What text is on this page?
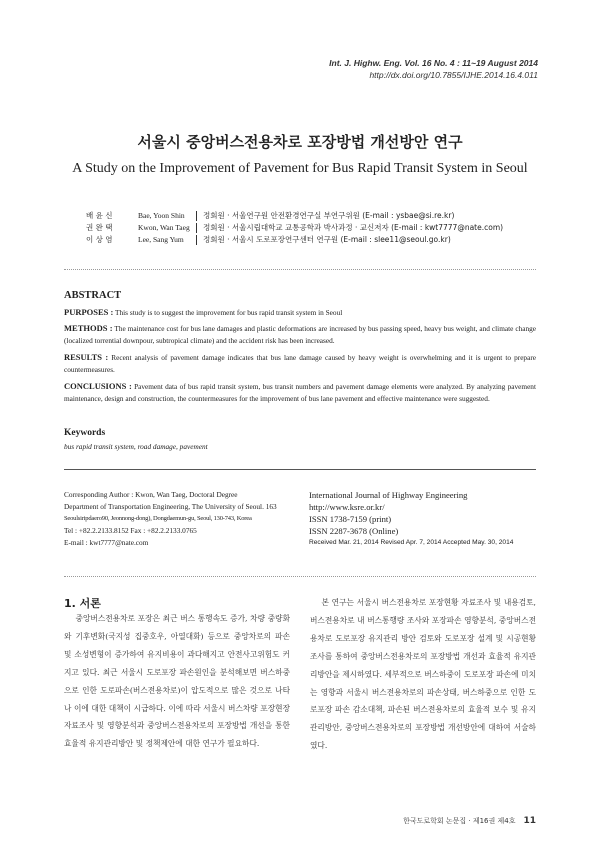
Int. J. Highw. Eng. Vol. 16 No. 4 : 11~19 August 2014
http://dx.doi.org/10.7855/IJHE.2014.16.4.011
서울시 중앙버스전용차로 포장방법 개선방안 연구
A Study on the Improvement of Pavement for Bus Rapid Transit System in Seoul
배 윤 신	Bae, Yoon Shin	정회원 · 서울연구원 안전환경연구실 부연구위원 (E-mail : ysbae@si.re.kr)
권 완 택	Kwon, Wan Taeg	정회원 · 서울시립대학교 교통공학과 박사과정 · 교신저자 (E-mail : kwt7777@nate.com)
이 상 염	Lee, Sang Yum	정회원 · 서울시 도로포장연구센터 연구원 (E-mail : slee11@seoul.go.kr)
ABSTRACT
PURPOSES : This study is to suggest the improvement for bus rapid transit system in Seoul
METHODS : The maintenance cost for bus lane damages and plastic deformations are increased by bus passing speed, heavy bus weight, and climate change (localized torrential downpour, subtropical climate) and the accident risk has been increased.
RESULTS : Recent analysis of pavement damage indicates that bus lane damage caused by heavy weight is overwhelming and it is urgent to prepare countermeasures.
CONCLUSIONS : Pavement data of bus rapid transit system, bus transit numbers and pavement damage elements were analyzed. By analyzing pavement maintenance, design and construction, the countermeasures for the improvement of bus lane pavement and effective maintenance were suggested.
Keywords
bus rapid transit system, road damage, pavement
Corresponding Author : Kwon, Wan Taeg, Doctoral Degree
Department of Transportation Engineering, The University of Seoul. 163
Seoulsiripdaero90, Jeonnong-dong), Dongdaemun-gu, Seoul, 130-743, Korea
Tel : +82.2.2133.8152 Fax : +82.2.2133.0765
E-mail : kwt7777@nate.com
International Journal of Highway Engineering
http://www.ksre.or.kr/
ISSN 1738-7159 (print)
ISSN 2287-3678 (Online)
Received Mar. 21, 2014 Revised Apr. 7, 2014 Accepted May. 30, 2014
1. 서론
중앙버스전용차로 포장은 최근 버스 통행속도 증가, 차량 중량화와 기후변화(국지성 집중호우, 아열대화) 등으로 중앙차로의 파손 및 소성변형이 증가하여 유지비용이 과다해지고 안전사고위험도 커지고 있다. 최근 서울시 도로포장 파손원인을 분석해보면 버스하중으로 인한 도로파손(버스전용차로)이 압도적으로 많은 것으로 나타나 이에 대한 대책이 시급하다. 이에 따라 서울시 버스차량 포장현장 자료조사 및 영향분석과 중앙버스전용차로의 포장방법 개선을 통한 효율적 유지관리방안 및 정책제안에 대한 연구가 필요하다.
본 연구는 서울시 버스전용차로 포장현황 자료조사 및 내용검토, 버스전용차로 내 버스통행량 조사와 포장파손 영향분석, 중앙버스전용차로 도로포장 유지관리 방안 검토와 도로포장 설계 및 시공현황 조사를 통하여 중앙버스전용차로의 포장방법 개선과 효율적 유지관리방안을 제시하였다. 세부적으로 버스하중이 도로포장 파손에 미치는 영향과 서울시 버스전용차로의 파손상태, 버스하중으로 인한 도로포장 파손 감소대책, 파손된 버스전용차로의 효율적 보수 및 유지관리방안, 중앙버스전용차로의 포장방법 개선방안에 대하여 서술하였다.
한국도로학회 논문집 · 제16권 제4호 11
